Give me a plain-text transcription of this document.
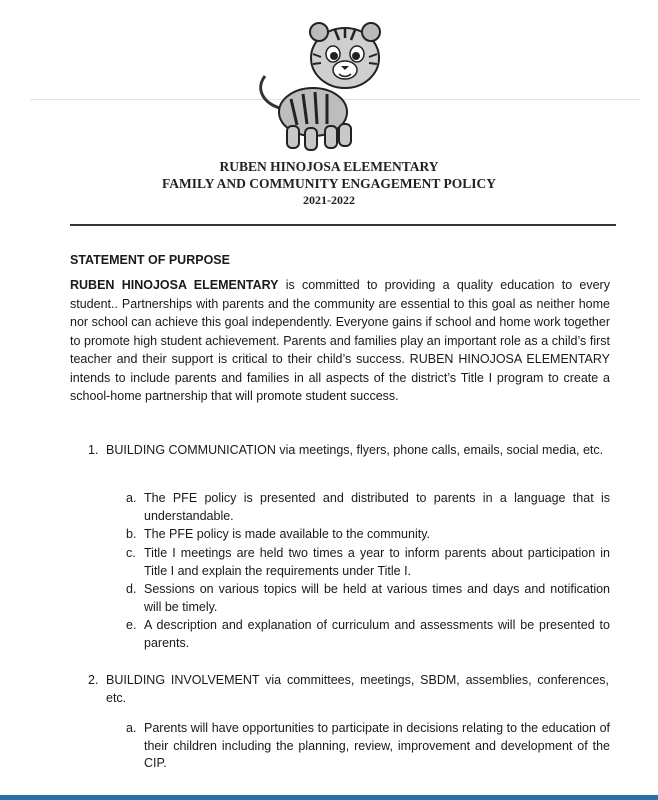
RUBEN HINOJOSA ELEMENTARY
FAMILY AND COMMUNITY ENGAGEMENT POLICY
2021-2022
STATEMENT OF PURPOSE

RUBEN HINOJOSA ELEMENTARY is committed to providing a quality education to every student.. Partnerships with parents and the community are essential to this goal as neither home nor school can achieve this goal independently. Everyone gains if school and home work together to promote high student achievement. Parents and families play an important role as a child’s first teacher and their support is critical to their child’s success. RUBEN HINOJOSA ELEMENTARY intends to include parents and families in all aspects of the district’s Title I program to create a school-home partnership that will promote student success.

1. BUILDING COMMUNICATION via meetings, flyers, phone calls, emails, social media, etc.

a. The PFE policy is presented and distributed to parents in a language that is understandable.

b. The PFE policy is made available to the community.

c. Title I meetings are held two times a year to inform parents about participation in Title I and explain the requirements under Title I.

d. Sessions on various topics will be held at various times and days and notification will be timely.

e. A description and explanation of curriculum and assessments will be presented to parents.

2. BUILDING INVOLVEMENT via committees, meetings, SBDM, assemblies, conferences, etc.

a. Parents will have opportunities to participate in decisions relating to the education of their children including the planning, review, improvement and development of the CIP.
